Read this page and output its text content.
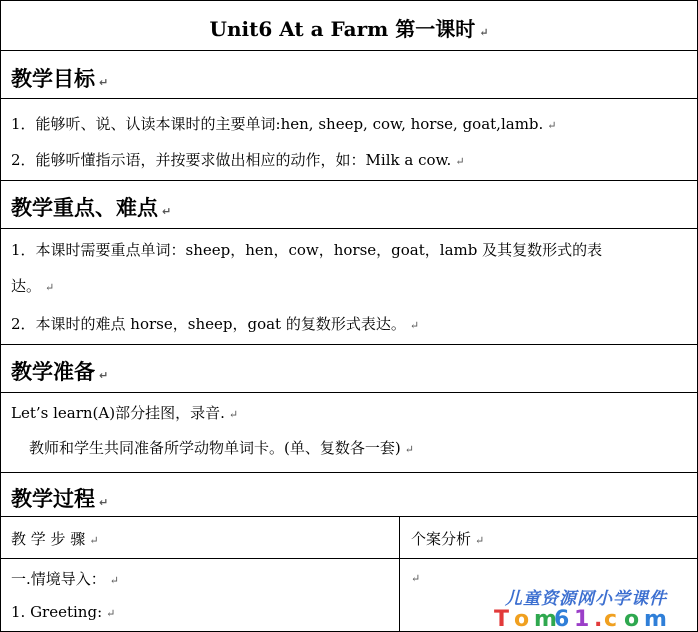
Unit6 At a Farm 第一课时 ↵
教学目标 ↵
1．能够听、说、认读本课时的主要单词:hen, sheep, cow, horse, goat,lamb. ↵
2．能够听懂指示语，并按要求做出相应的动作，如：Milk a cow. ↵
教学重点、难点 ↵
1．本课时需要重点单词：sheep，hen，cow，horse，goat，lamb 及其复数形式的表
达。 ↵
2．本课时的难点 horse，sheep，goat 的复数形式表达。 ↵
教学准备 ↵
Let’s learn(A)部分挂图，录音. ↵
教师和学生共同准备所学动物单词卡。(单、复数各一套) ↵
教学过程 ↵
教 学 步 骤 ↵	个案分析 ↵
一.情境导入： ↵
1. Greeting: ↵
↵
儿童资源网小学课件
T o m
6 1 . c o m
